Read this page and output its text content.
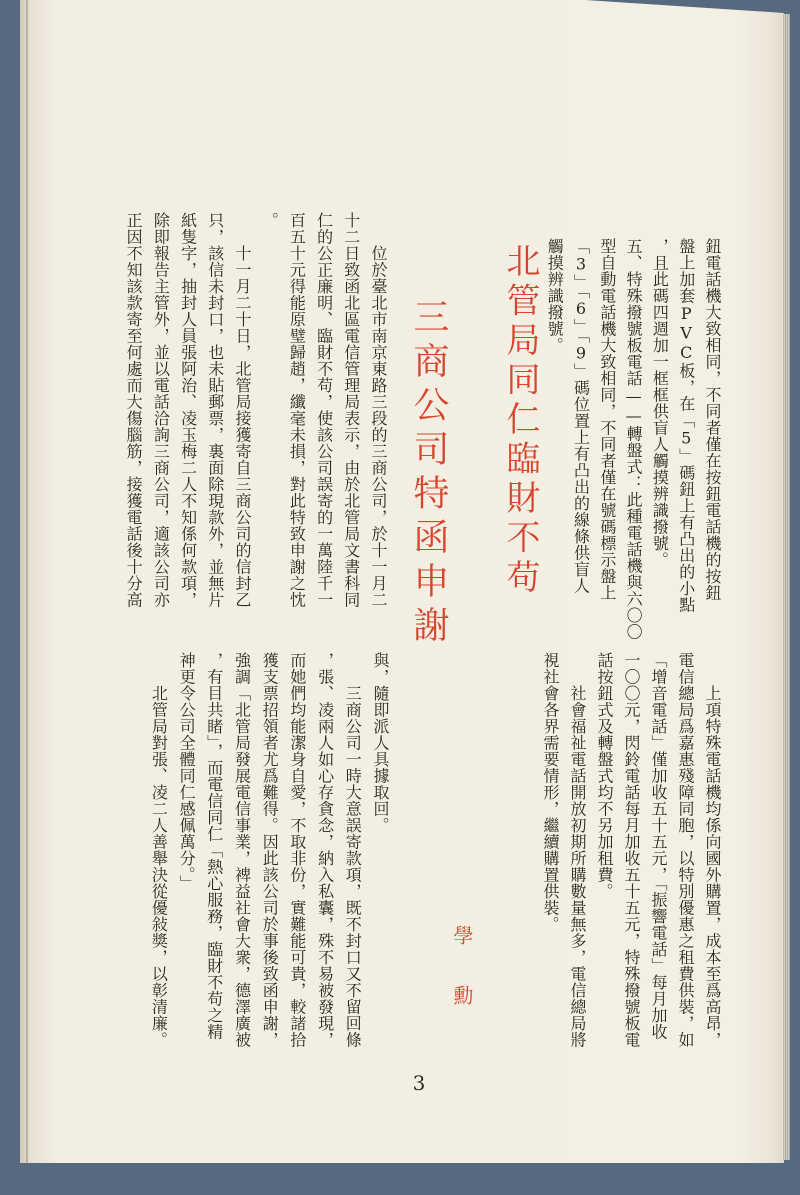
鈕電話機大致相同，不同者僅在按鈕電話機的按鈕
盤上加套PVC板，在「5」碼鈕上有凸出的小點
，且此碼四週加一框框供盲人觸摸辨識撥號。
五、特殊撥號板電話——轉盤式：此種電話機與六〇〇
型自動電話機大致相同，不同者僅在號碼標示盤上
「3」「6」「9」碼位置上有凸出的線條供盲人
觸摸辨識撥號。
上項特殊電話機均係向國外購置，成本至爲高昂，
電信總局爲嘉惠殘障同胞，以特別優惠之租費供裝，如
「增音電話」僅加收五十五元，「振響電話」每月加收
一〇〇元，閃鈴電話每月加收五十五元，特殊撥號板電
話按鈕式及轉盤式均不另加租費。
社會福祉電話開放初期所購數量無多，電信總局將
視社會各界需要情形，繼續購置供裝。
北管局同仁臨財不苟
三商公司特函申謝
學 勳
位於臺北市南京東路三段的三商公司，於十一月二
十二日致函北區電信管理局表示，由於北管局文書科同
仁的公正廉明、臨財不苟，使該公司誤寄的一萬陸千一
百五十元得能原璧歸趙，纖毫未損，對此特致申謝之忱
。
十一月二十日，北管局接獲寄自三商公司的信封乙
只，該信未封口，也未貼郵票，裏面除現款外，並無片
紙隻字，抽封人員張阿治、凌玉梅二人不知係何款項，
除即報告主管外，並以電話洽詢三商公司，適該公司亦
正因不知該款寄至何處而大傷腦筋，接獲電話後十分高
與，隨即派人具據取回。
三商公司一時大意誤寄款項，既不封口又不留回條
，張、凌兩人如心存貪念，納入私囊，殊不易被發現，
而她們均能潔身自愛，不取非份，實難能可貴，較諸拾
獲支票招領者尤爲難得。因此該公司於事後致函申謝，
強調「北管局發展電信事業，裨益社會大衆，德澤廣被
，有目共睹」，而電信同仁「熱心服務，臨財不苟之精
神更令公司全體同仁感佩萬分。」
北管局對張、凌二人善舉決從優敍獎，以彰清廉。
3
